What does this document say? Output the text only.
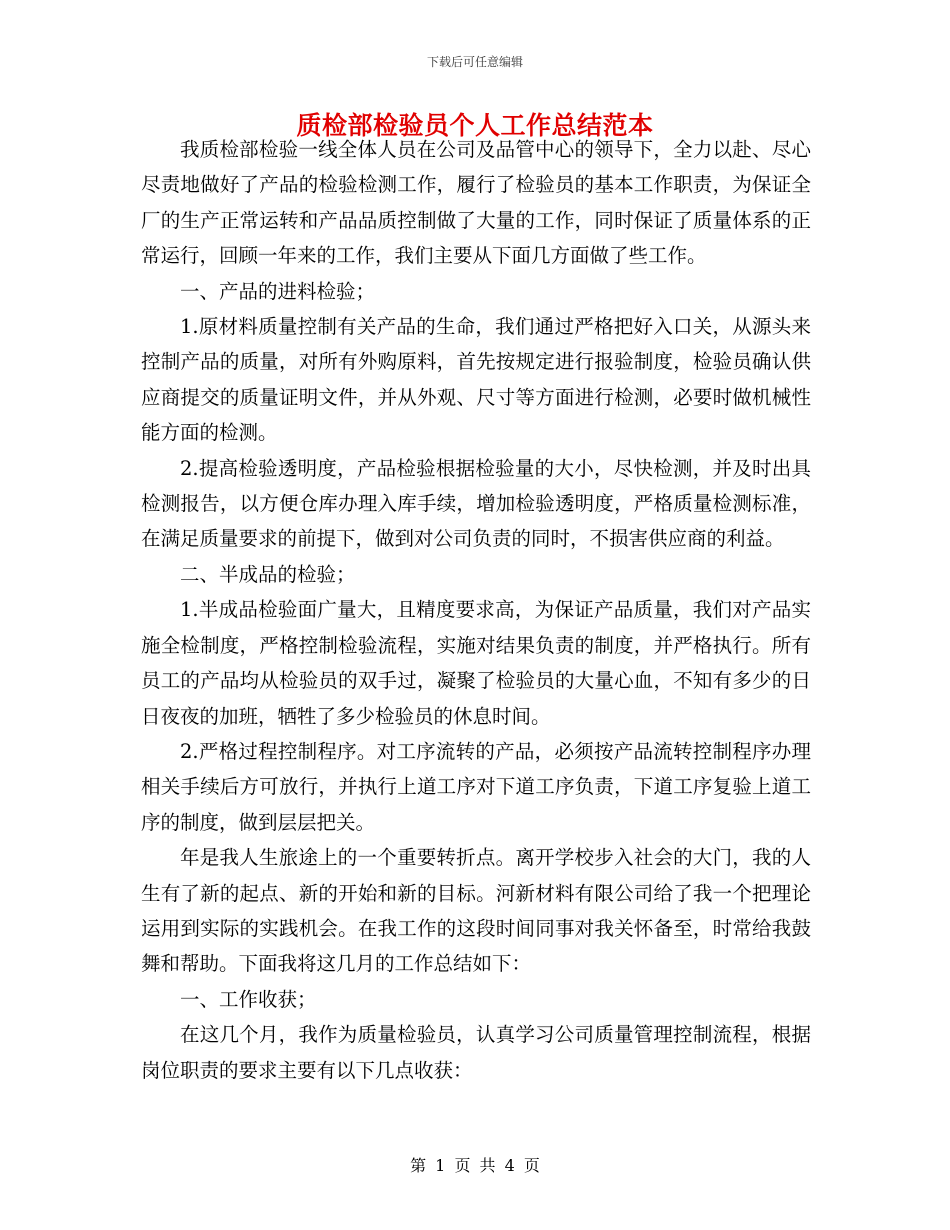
下载后可任意编辑
质检部检验员个人工作总结范本

我质检部检验一线全体人员在公司及品管中心的领导下，全力以赴、尽心尽责地做好了产品的检验检测工作，履行了检验员的基本工作职责，为保证全厂的生产正常运转和产品品质控制做了大量的工作，同时保证了质量体系的正常运行，回顾一年来的工作，我们主要从下面几方面做了些工作。

一、产品的进料检验；

1.原材料质量控制有关产品的生命，我们通过严格把好入口关，从源头来控制产品的质量，对所有外购原料，首先按规定进行报验制度，检验员确认供应商提交的质量证明文件，并从外观、尺寸等方面进行检测，必要时做机械性能方面的检测。

2.提高检验透明度，产品检验根据检验量的大小，尽快检测，并及时出具检测报告，以方便仓库办理入库手续，增加检验透明度，严格质量检测标准，在满足质量要求的前提下，做到对公司负责的同时，不损害供应商的利益。

二、半成品的检验；

1.半成品检验面广量大，且精度要求高，为保证产品质量，我们对产品实施全检制度，严格控制检验流程，实施对结果负责的制度，并严格执行。所有员工的产品均从检验员的双手过，凝聚了检验员的大量心血，不知有多少的日日夜夜的加班，牺牲了多少检验员的休息时间。

2.严格过程控制程序。对工序流转的产品，必须按产品流转控制程序办理相关手续后方可放行，并执行上道工序对下道工序负责，下道工序复验上道工序的制度，做到层层把关。

年是我人生旅途上的一个重要转折点。离开学校步入社会的大门，我的人生有了新的起点、新的开始和新的目标。河新材料有限公司给了我一个把理论运用到实际的实践机会。在我工作的这段时间同事对我关怀备至，时常给我鼓舞和帮助。下面我将这几月的工作总结如下：

一、工作收获；

在这几个月，我作为质量检验员，认真学习公司质量管理控制流程，根据岗位职责的要求主要有以下几点收获：

第 1 页 共 4 页
